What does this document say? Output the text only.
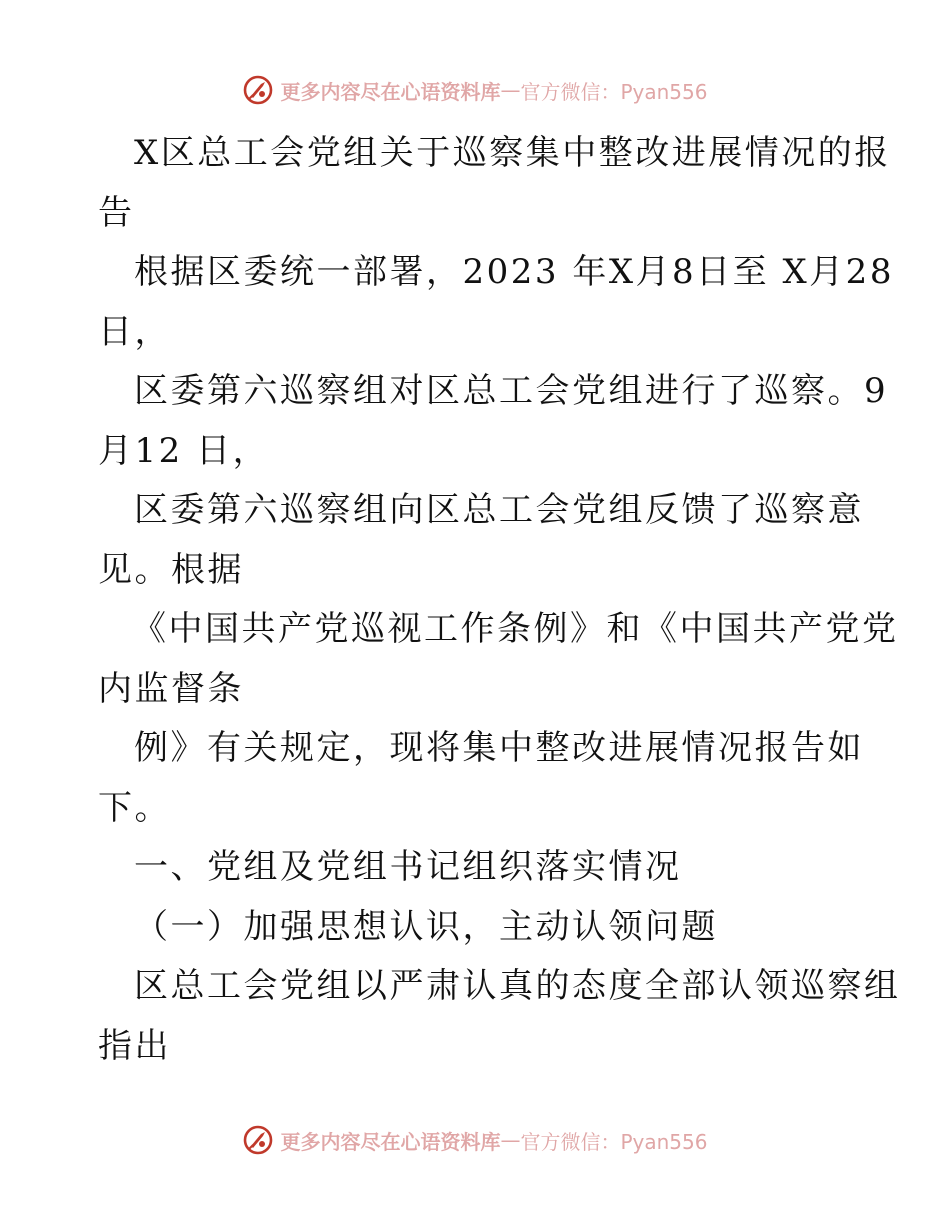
更多内容尽在心语资料库 — 官方微信：Pyan556
X区总工会党组关于巡察集中整改进展情况的报
告
根据区委统一部署，2023 年X月8日至 X月28
日，
区委第六巡察组对区总工会党组进行了巡察。9
月12 日，
区委第六巡察组向区总工会党组反馈了巡察意
见。根据
《中国共产党巡视工作条例》和《中国共产党党
内监督条
例》有关规定，现将集中整改进展情况报告如
下。
一、党组及党组书记组织落实情况
（一）加强思想认识，主动认领问题
区总工会党组以严肃认真的态度全部认领巡察组
指出
更多内容尽在心语资料库 — 官方微信：Pyan556
